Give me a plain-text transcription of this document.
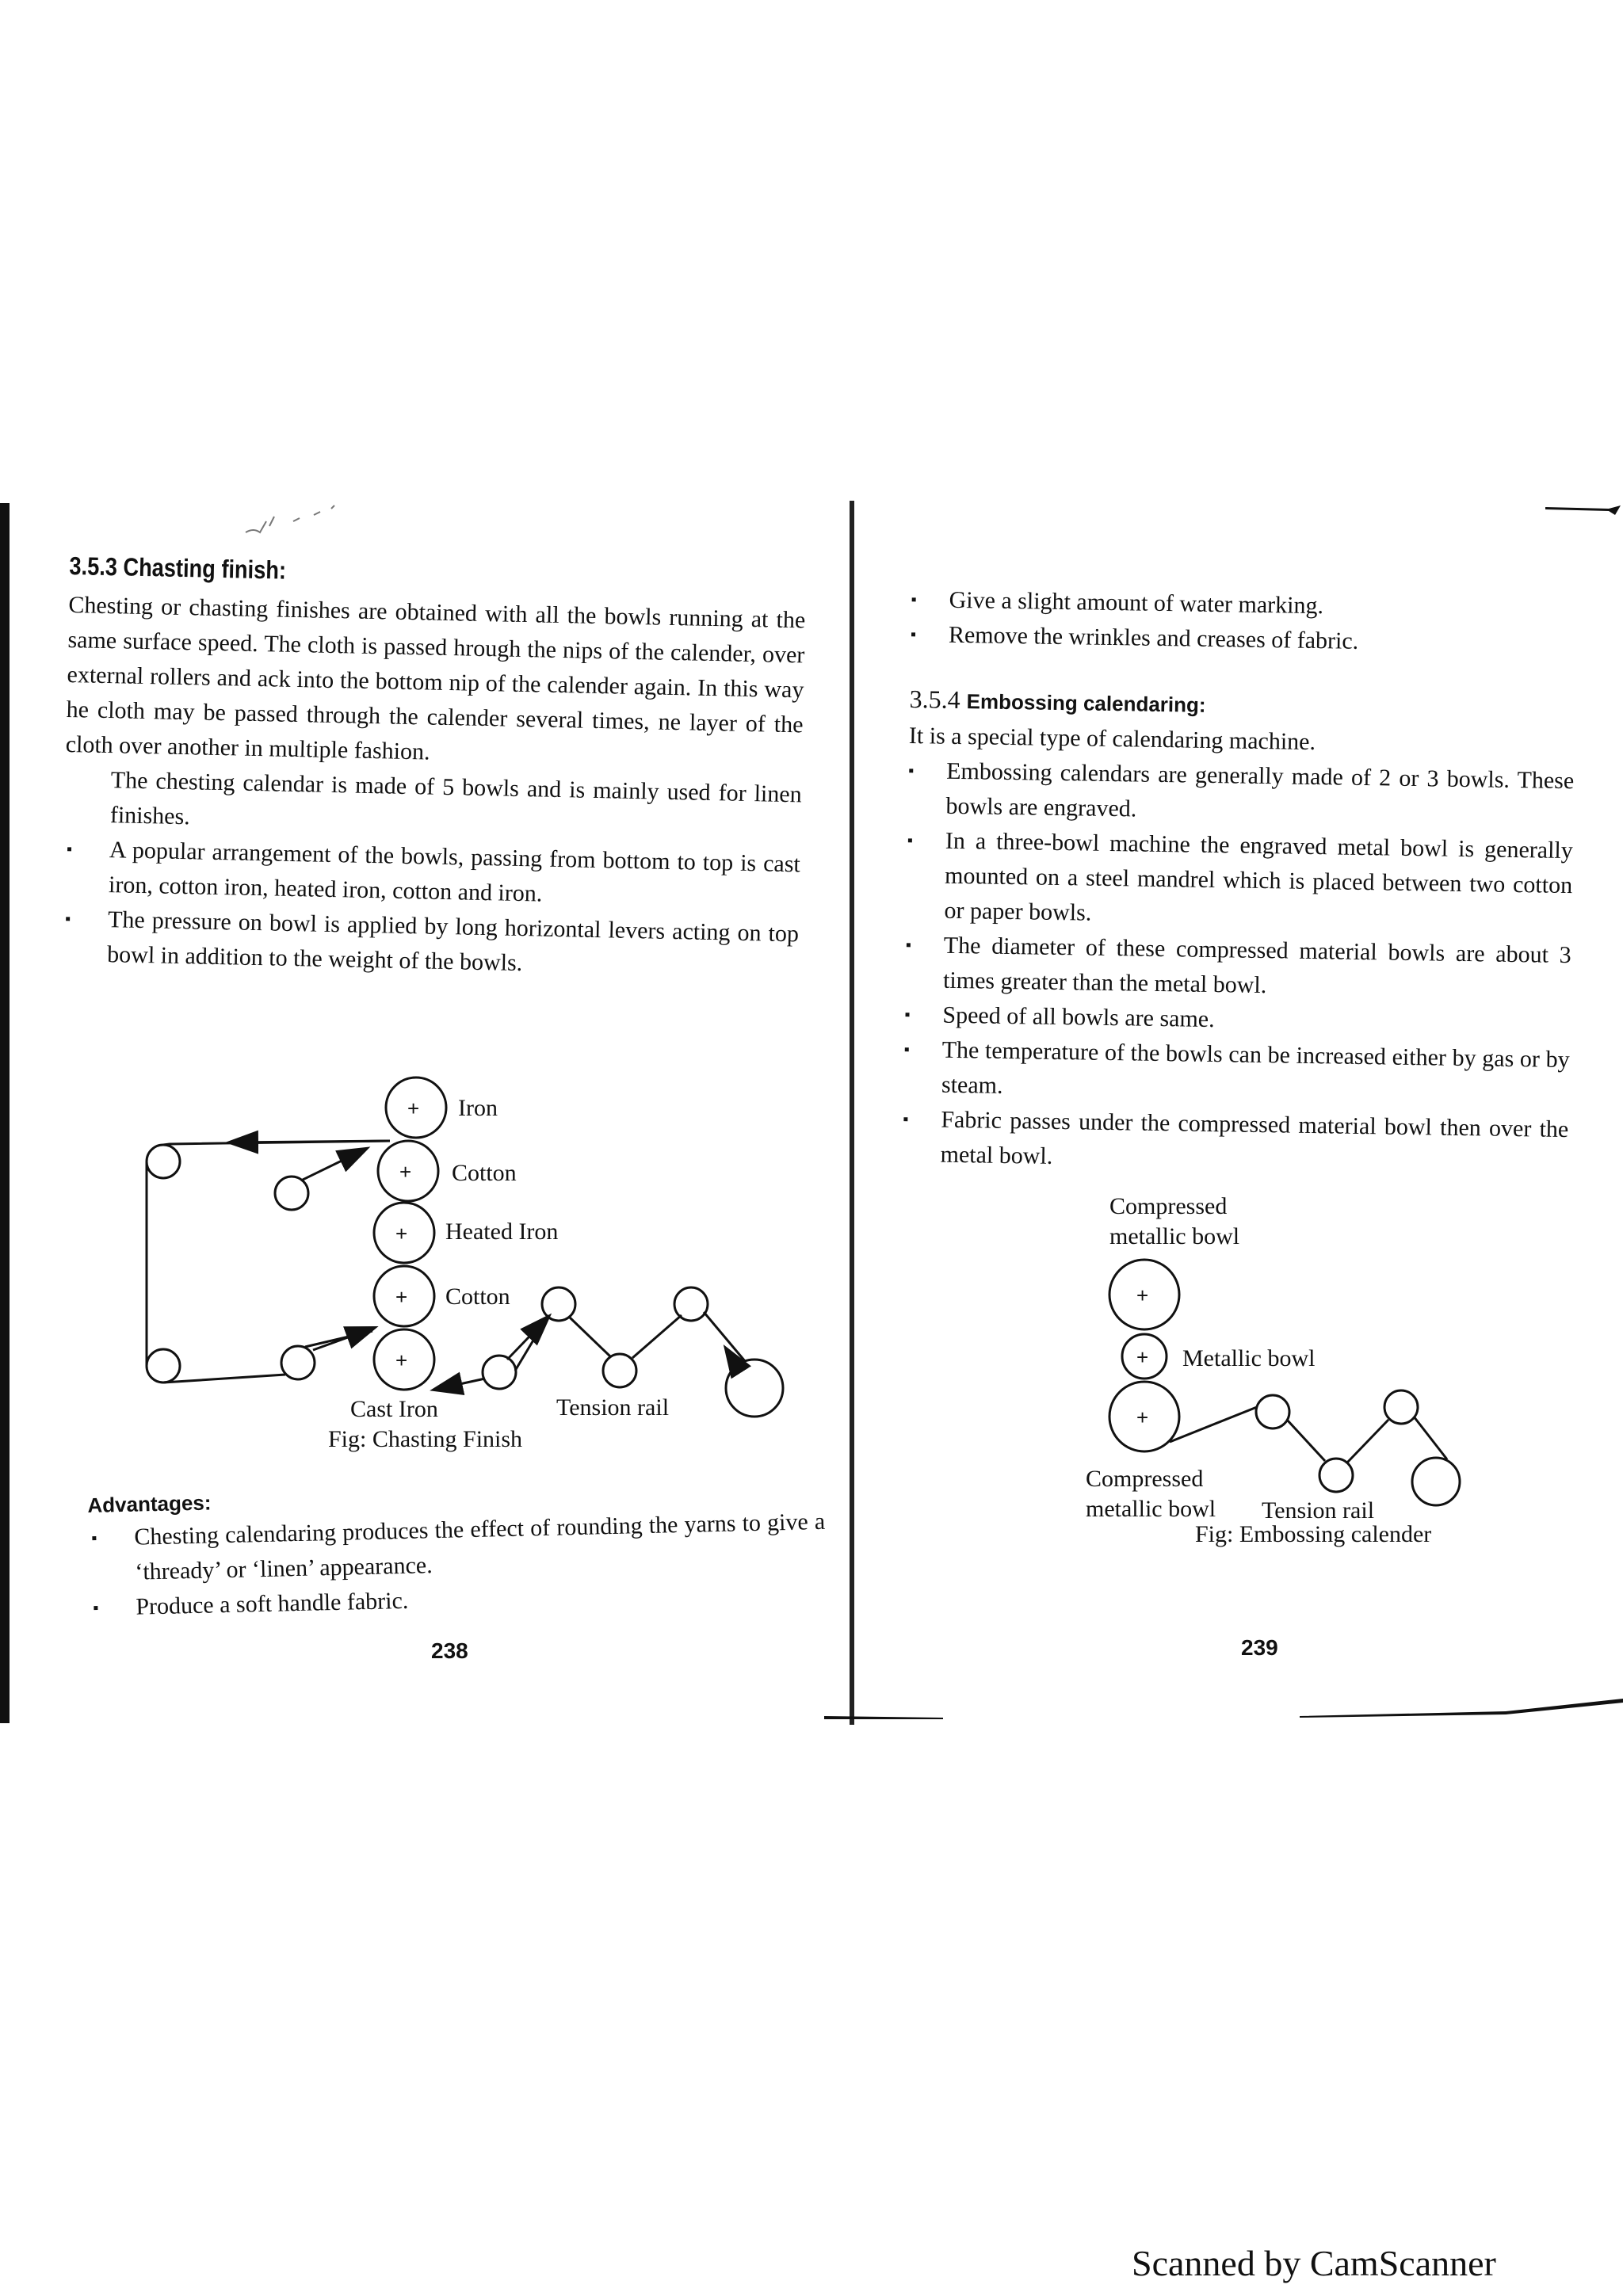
3.5.3 Chasting finish:
Chesting or chasting finishes are obtained with all the bowls running at the same surface speed. The cloth is passed hrough the nips of the calender, over external rollers and ack into the bottom nip of the calender again. In this way he cloth may be passed through the calender several times, ne layer of the cloth over another in multiple fashion.
The chesting calendar is made of 5 bowls and is mainly used for linen finishes.
▪ A popular arrangement of the bowls, passing from bottom to top is cast iron, cotton iron, heated iron, cotton and iron.
▪ The pressure on bowl is applied by long horizontal levers acting on top bowl in addition to the weight of the bowls.
+
+
+
+
+
Iron
Cotton
Heated Iron
Cotton
Cast Iron	Tension rail
Fig: Chasting Finish
Advantages:
▪ Chesting calendaring produces the effect of rounding the yarns to give a ‘thready’ or ‘linen’ appearance.
▪ Produce a soft handle fabric.
238
▪ Give a slight amount of water marking.
▪ Remove the wrinkles and creases of fabric.
3.5.4 Embossing calendaring:
It is a special type of calendaring machine.
▪ Embossing calendars are generally made of 2 or 3 bowls. These bowls are engraved.
▪ In a three-bowl machine the engraved metal bowl is generally mounted on a steel mandrel which is placed between two cotton or paper bowls.
▪ The diameter of these compressed material bowls are about 3 times greater than the metal bowl.
▪ Speed of all bowls are same.
▪ The temperature of the bowls can be increased either by gas or by steam.
▪ Fabric passes under the compressed material bowl then over the metal bowl.
Compressed
metallic bowl
+
+
+
Metallic bowl
Compressed
metallic bowl Tension rail
Fig: Embossing calender
239
Scanned by CamScanner
